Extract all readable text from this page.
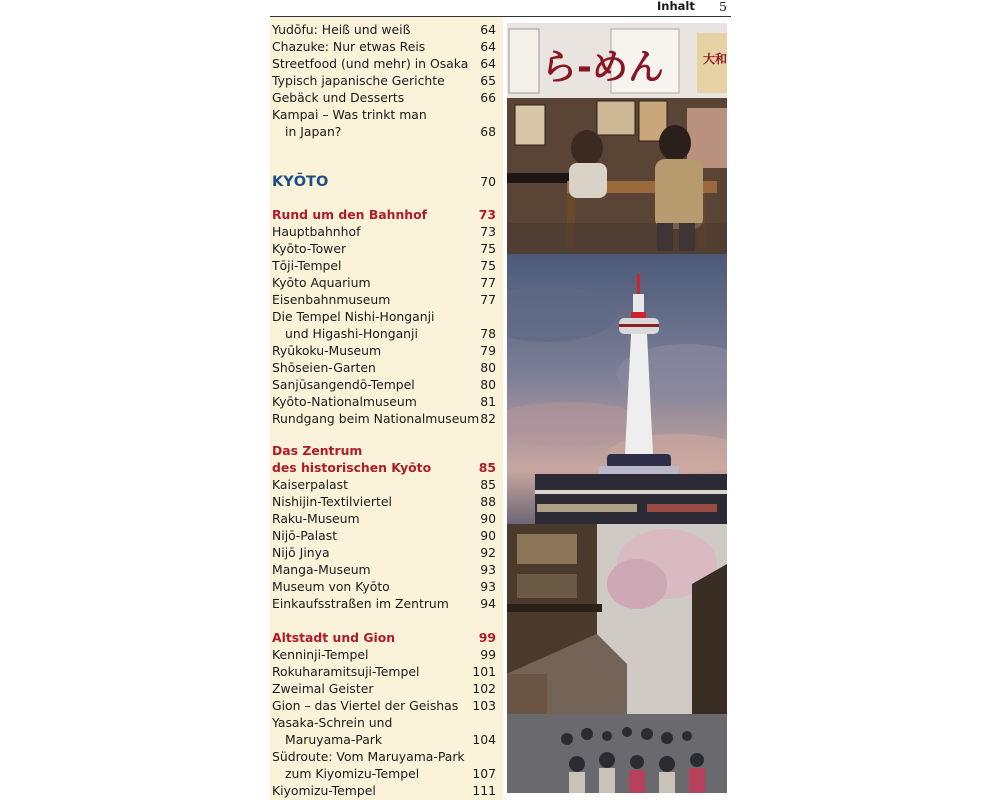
Inhalt 5
Yudōfu: Heiß und weiß	64
Chazuke: Nur etwas Reis	64
Streetfood (und mehr) in Osaka 64
Typisch japanische Gerichte	65
Gebäck und Desserts	66
Kampai – Was trinkt man
in Japan?	68
KYŌTO	70
Rund um den Bahnhof	73
Hauptbahnhof	73
Kyōto-Tower	75
Tōji-Tempel	75
Kyōto Aquarium	77
Eisenbahnmuseum	77
Die Tempel Nishi-Honganji
und Higashi-Honganji	78
Ryūkoku-Museum	79
Shōseien-Garten	80
Sanjūsangendō-Tempel	80
Kyōto-Nationalmuseum	81
Rundgang beim Nationalmuseum 82
Das Zentrum
des historischen Kyōto	85
Kaiserpalast	85
Nishijin-Textilviertel	88
Raku-Museum	90
Nijō-Palast	90
Nijō Jinya	92
Manga-Museum	93
Museum von Kyōto	93
Einkaufsstraßen im Zentrum	94
Altstadt und Gion	99
Kenninji-Tempel	99
Rokuharamitsuji-Tempel	101
Zweimal Geister	102
Gion – das Viertel der Geishas 103
Yasaka-Schrein und
Maruyama-Park	104
Südroute: Vom Maruyama-Park
zum Kiyomizu-Tempel	107
Kiyomizu-Tempel	111
ら-めん	大和
